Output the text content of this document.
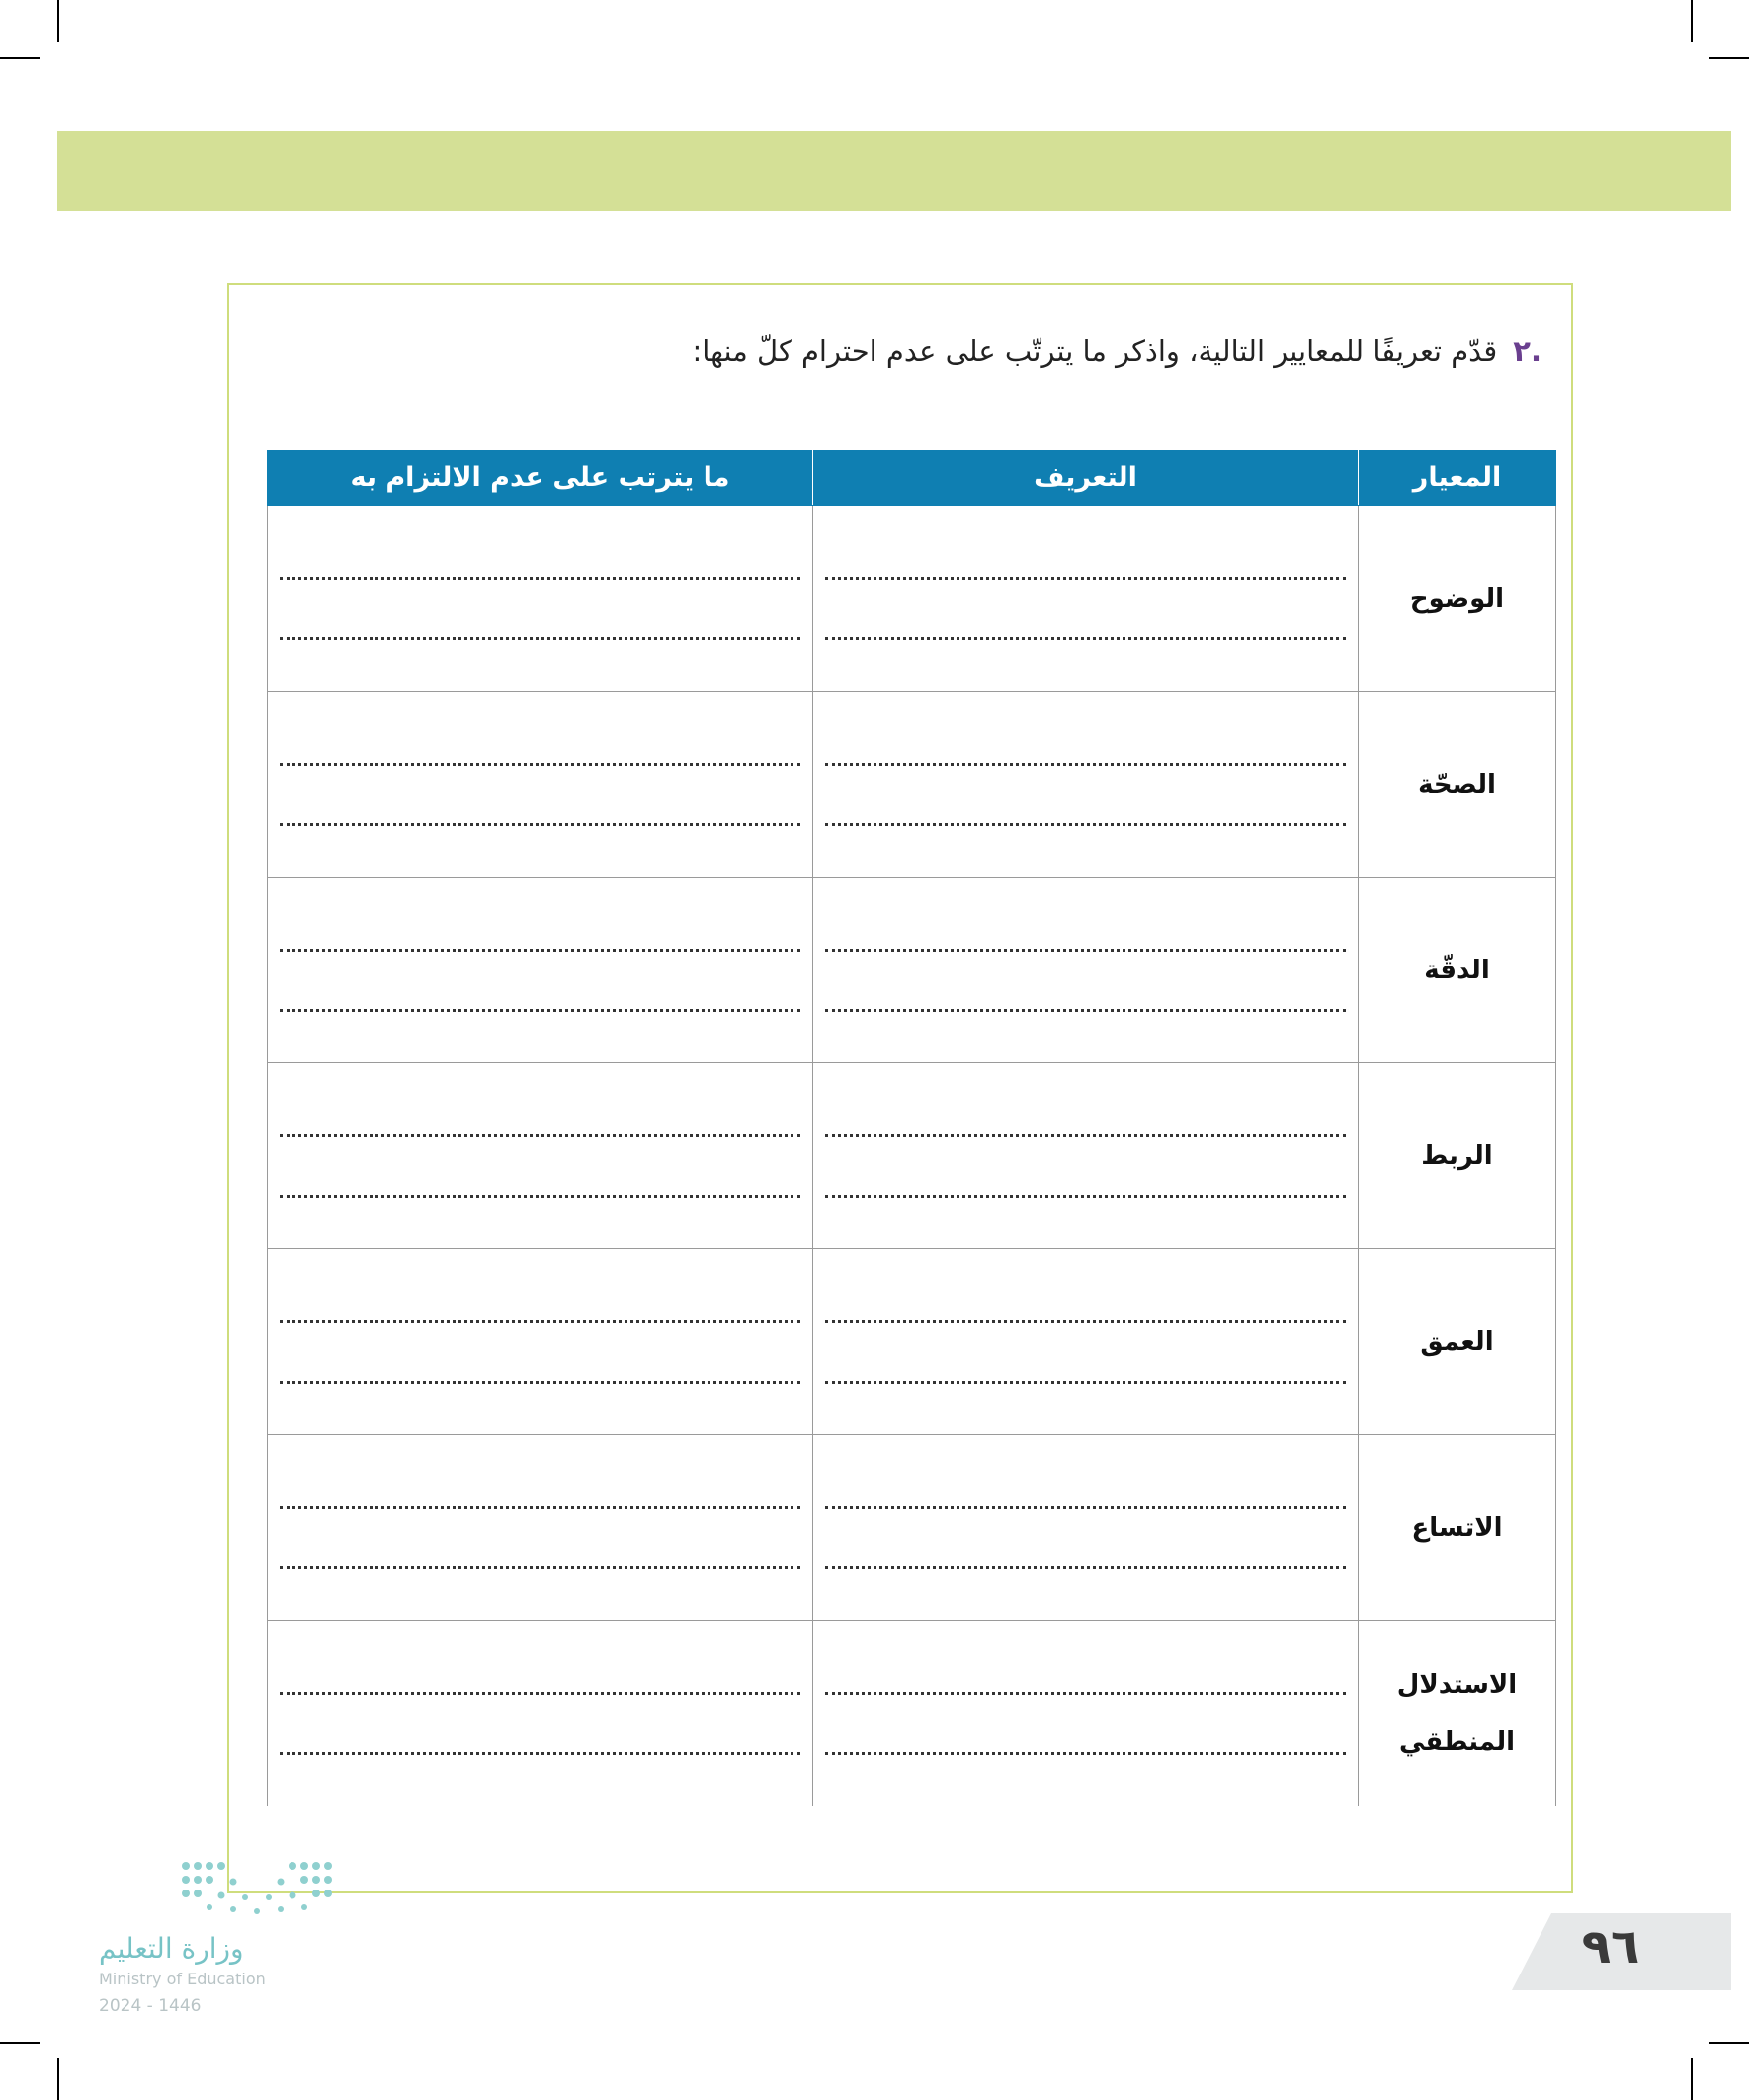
.٢قدّم تعريفًا للمعايير التالية، واذكر ما يترتّب على عدم احترام كلّ منها:
المعيار	التعريف	ما يترتب على عدم الالتزام به
الوضوح	

الصحّة	

الدقّة	

الربط	

العمق	

الاتساع	

الاستدلال المنطقي	

وزارة التعليم
Ministry of Education
2024 - 1446
٩٦
